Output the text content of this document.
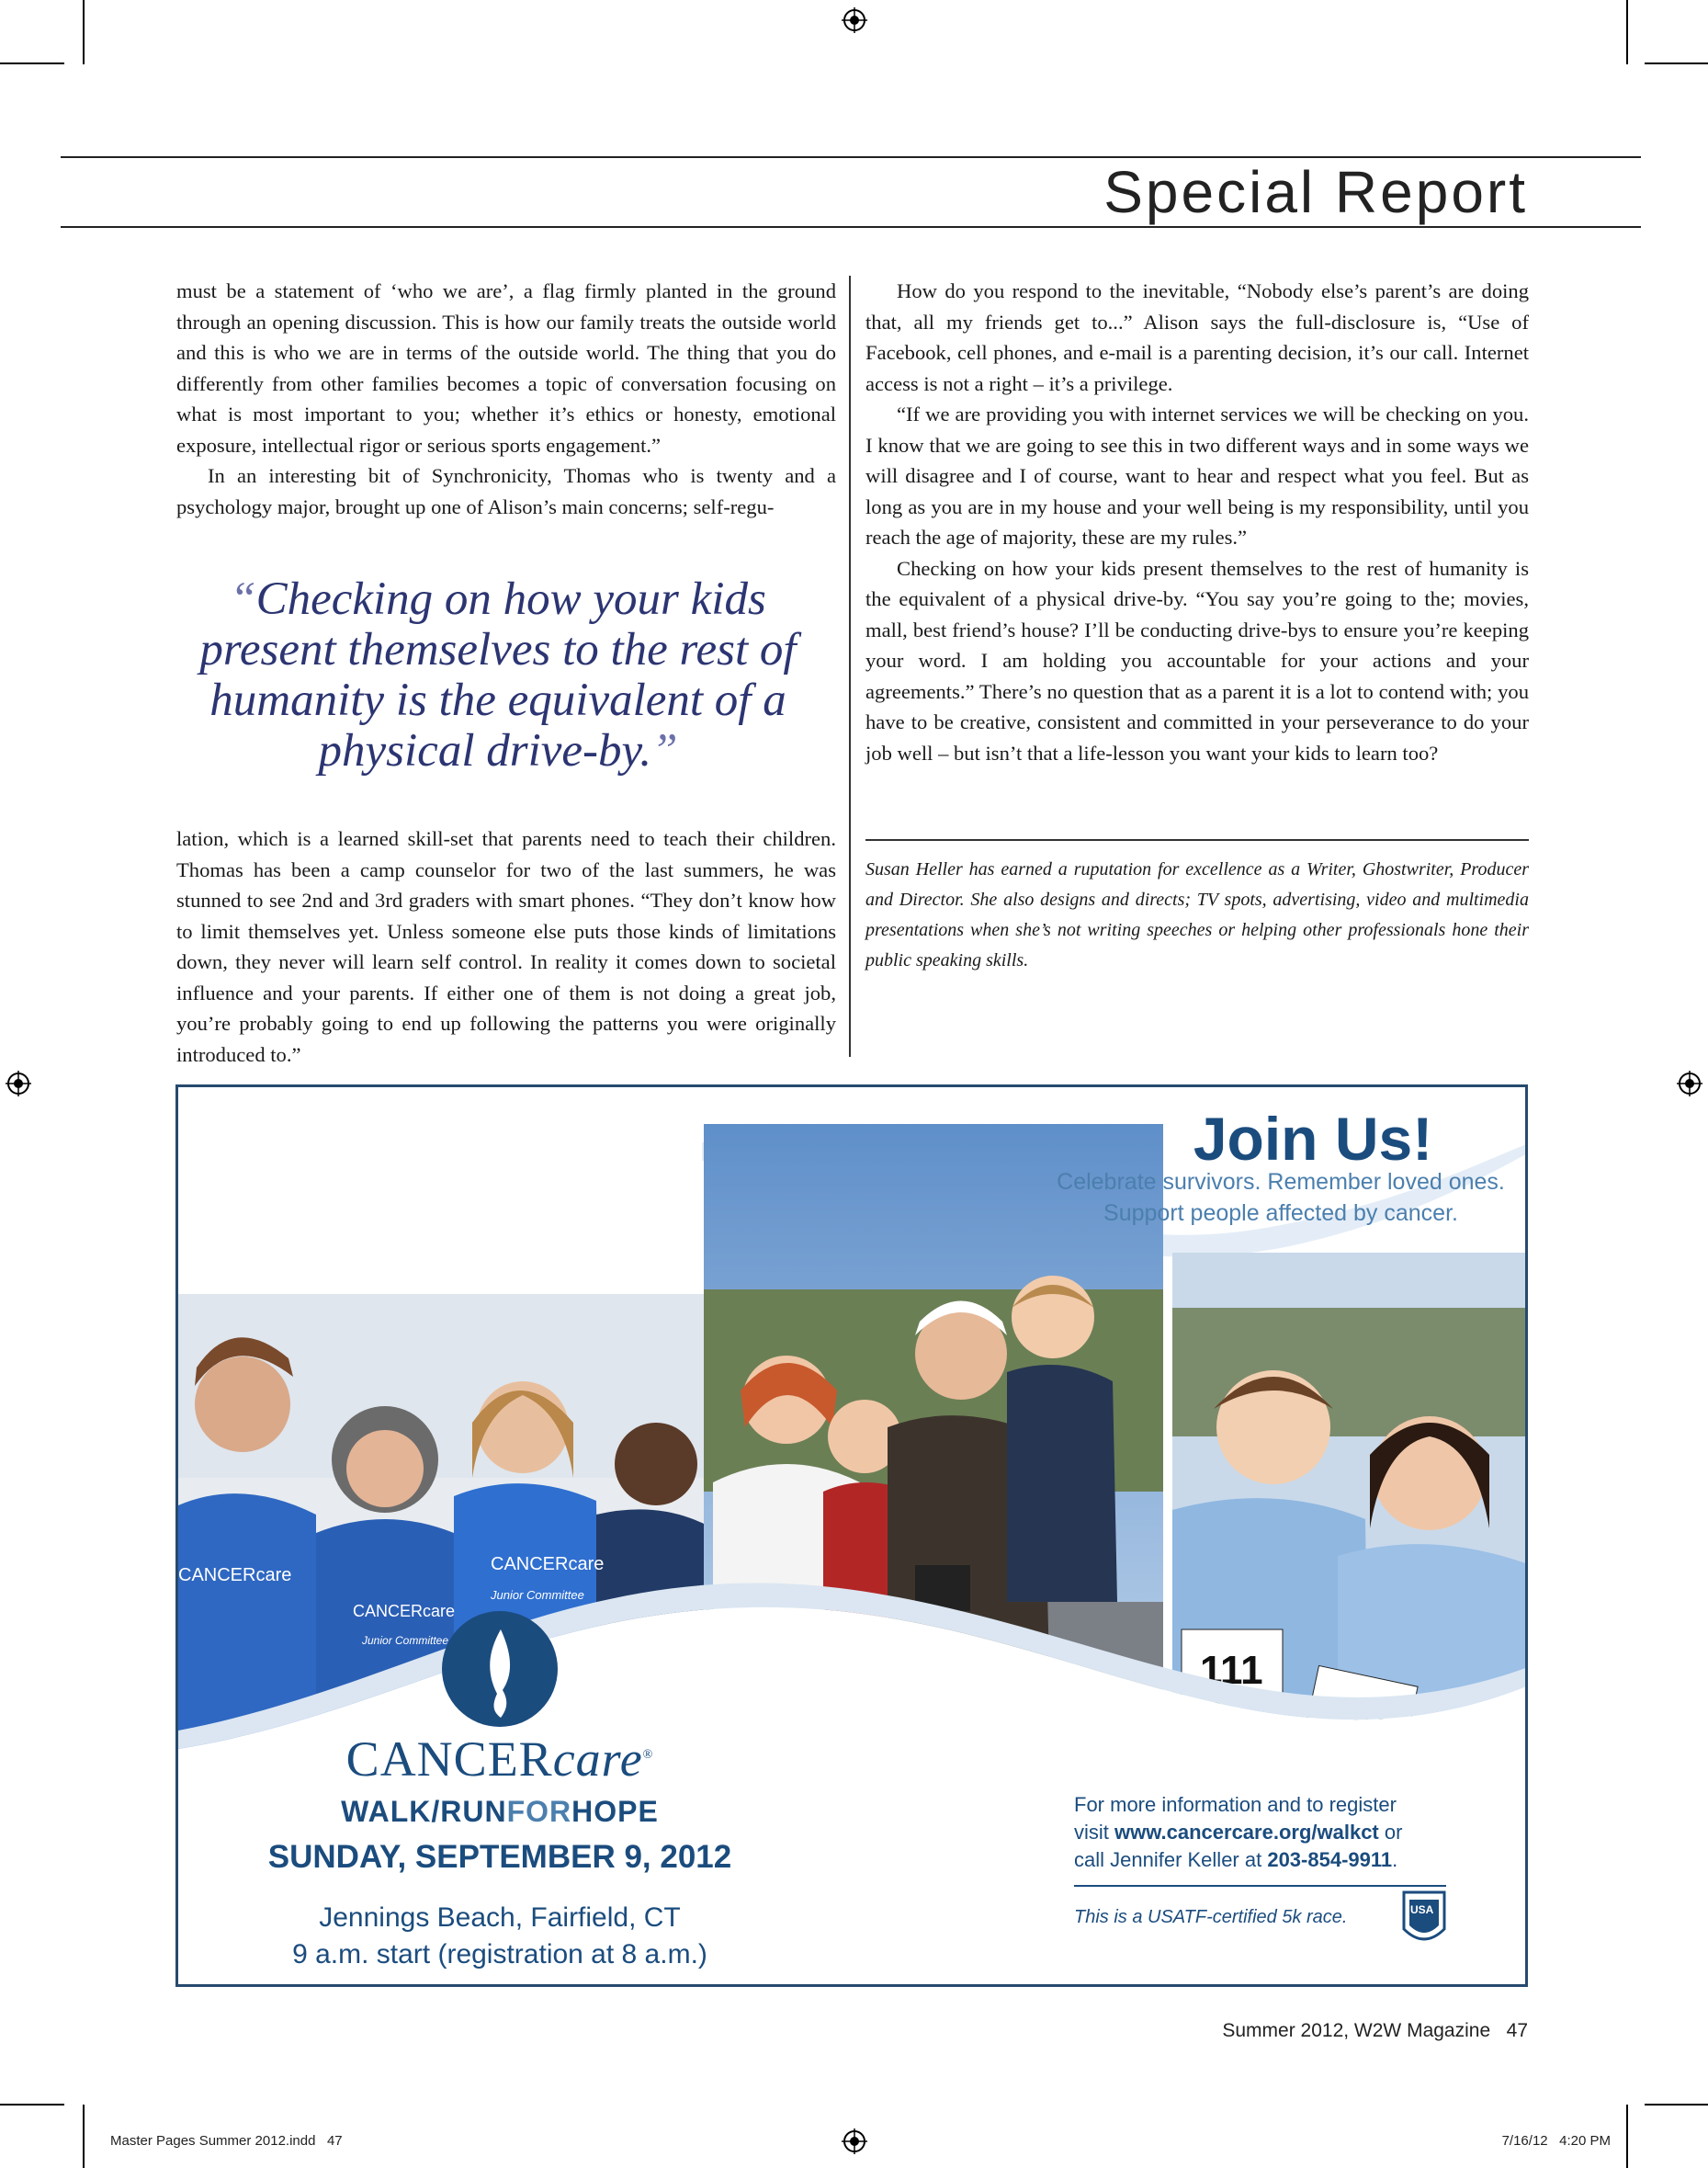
Special Report

must be a statement of ‘who we are’, a flag firmly planted in the ground through an opening discussion. This is how our family treats the outside world and this is who we are in terms of the outside world. The thing that you do differently from other families becomes a topic of conversation focusing on what is most important to you; whether it’s ethics or honesty, emotional exposure, intellectual rigor or serious sports engagement.”

In an interesting bit of Synchronicity, Thomas who is twenty and a psychology major, brought up one of Alison’s main concerns; self-regu-

“Checking on how your kids present themselves to the rest of humanity is the equivalent of a physical drive-by.”

lation, which is a learned skill-set that parents need to teach their children. Thomas has been a camp counselor for two of the last summers, he was stunned to see 2nd and 3rd graders with smart phones. “They don’t know how to limit themselves yet. Unless someone else puts those kinds of limitations down, they never will learn self control. In reality it comes down to societal influence and your parents. If either one of them is not doing a great job, you’re probably going to end up following the patterns you were originally introduced to.”

How do you respond to the inevitable, “Nobody else’s parent’s are doing that, all my friends get to...” Alison says the full-disclosure is, “Use of Facebook, cell phones, and e-mail is a parenting decision, it’s our call. Internet access is not a right – it’s a privilege.

“If we are providing you with internet services we will be checking on you. I know that we are going to see this in two different ways and in some ways we will disagree and I of course, want to hear and respect what you feel. But as long as you are in my house and your well being is my responsibility, until you reach the age of majority, these are my rules.”

Checking on how your kids present themselves to the rest of humanity is the equivalent of a physical drive-by. “You say you’re going to the; movies, mall, best friend’s house? I’ll be conducting drive-bys to ensure you’re keeping your word. I am holding you accountable for your actions and your agreements.” There’s no question that as a parent it is a lot to contend with; you have to be creative, consistent and committed in your perseverance to do your job well – but isn’t that a life-lesson you want your kids to learn too?

Susan Heller has earned a ruputation for excellence as a Writer, Ghostwriter, Producer and Director. She also designs and directs; TV spots, advertising, video and multimedia presentations when she’s not writing speeches or helping other professionals hone their public speaking skills.
CANCERcare
CANCERcare
CANCERcare
Junior Committee
Junior Committee
111
Join Us!
Celebrate survivors. Remember loved ones.
Support people affected by cancer.
CANCERcare®
WALK/RUNFORHOPE
SUNDAY, SEPTEMBER 9, 2012
Jennings Beach, Fairfield, CT
9 a.m. start (registration at 8 a.m.)
For more information and to register
visit www.cancercare.org/walkct or
call Jennifer Keller at 203-854-9911.
This is a USATF-certified 5k race.	USA
Summer 2012, W2W Magazine   47
Master Pages Summer 2012.indd   47	7/16/12   4:20 PM
